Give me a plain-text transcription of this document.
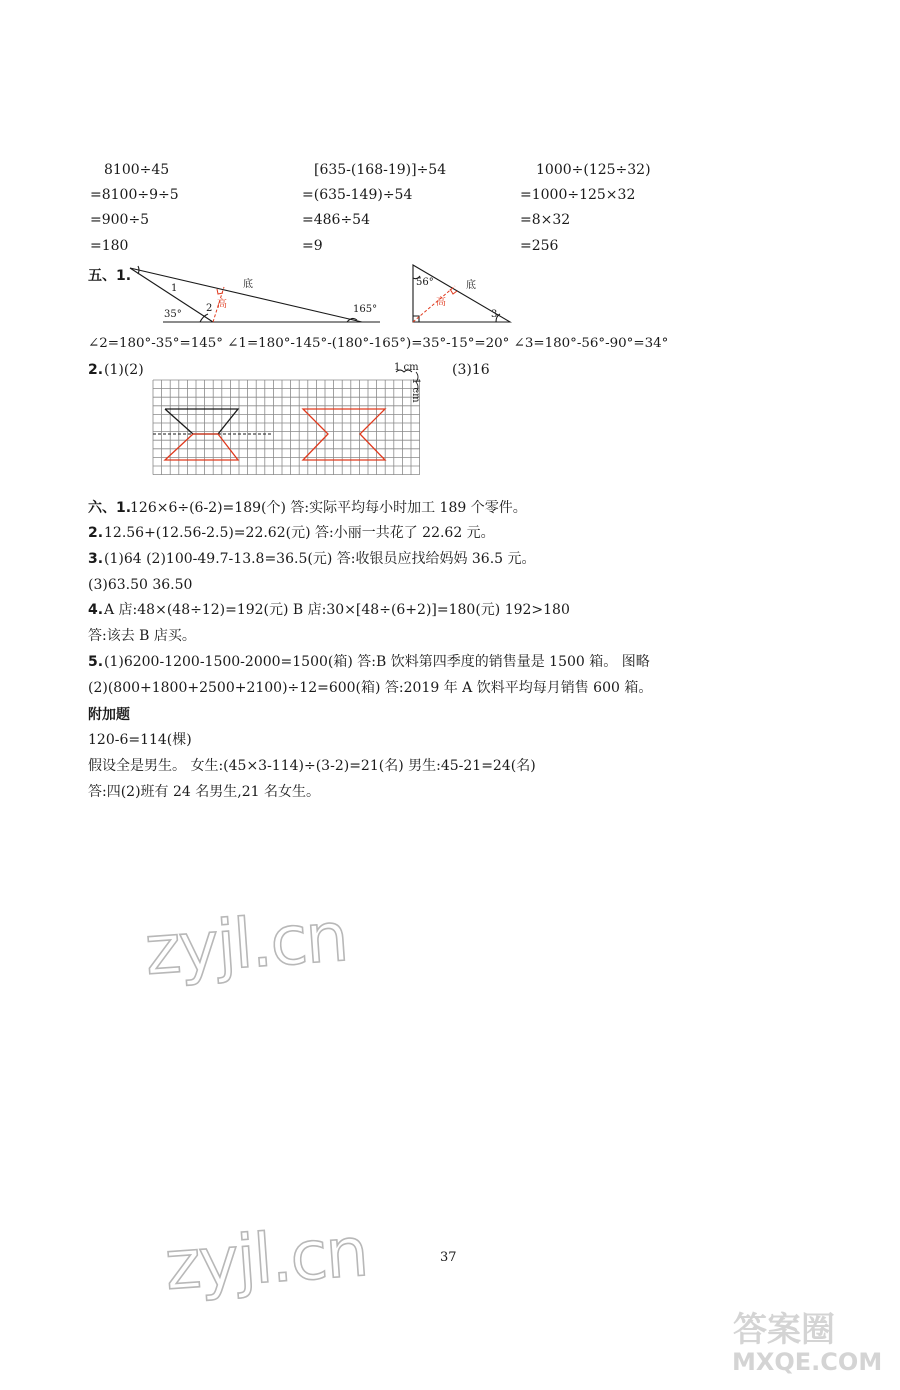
8100÷45
=8100÷9÷5
=900÷5
=180
[635-(168-19)]÷54
=(635-149)÷54
=486÷54
=9
1000÷(125÷32)
=1000÷125×32
=8×32
=256
五、1.
底
1
2 高
35°	165°
56°	底
高
3
∠2=180°-35°=145° ∠1=180°-145°-(180°-165°)=35°-15°=20° ∠3=180°-56°-90°=34°
2. (1)(2)	1 cm
1 cm
(3)16
六、1.
126×6÷(6-2)=189(个) 答:实际平均每小时加工 189 个零件。
2. 12.56+(12.56-2.5)=22.62(元) 答:小丽一共花了 22.62 元。
3. (1)64 (2)100-49.7-13.8=36.5(元) 答:收银员应找给妈妈 36.5 元。
(3)63.50 36.50
4. A 店:48×(48÷12)=192(元) B 店:30×[48÷(6+2)]=180(元) 192>180
答:该去 B 店买。
5. (1)6200-1200-1500-2000=1500(箱) 答:B 饮料第四季度的销售量是 1500 箱。 图略
(2)(800+1800+2500+2100)÷12=600(箱) 答:2019 年 A 饮料平均每月销售 600 箱。
附加题
120-6=114(棵)
假设全是男生。 女生:(45×3-114)÷(3-2)=21(名) 男生:45-21=24(名)
答:四(2)班有 24 名男生,21 名女生。
zyjl.cn
zyjl.cn	37
答案圈
MXQE.COM
